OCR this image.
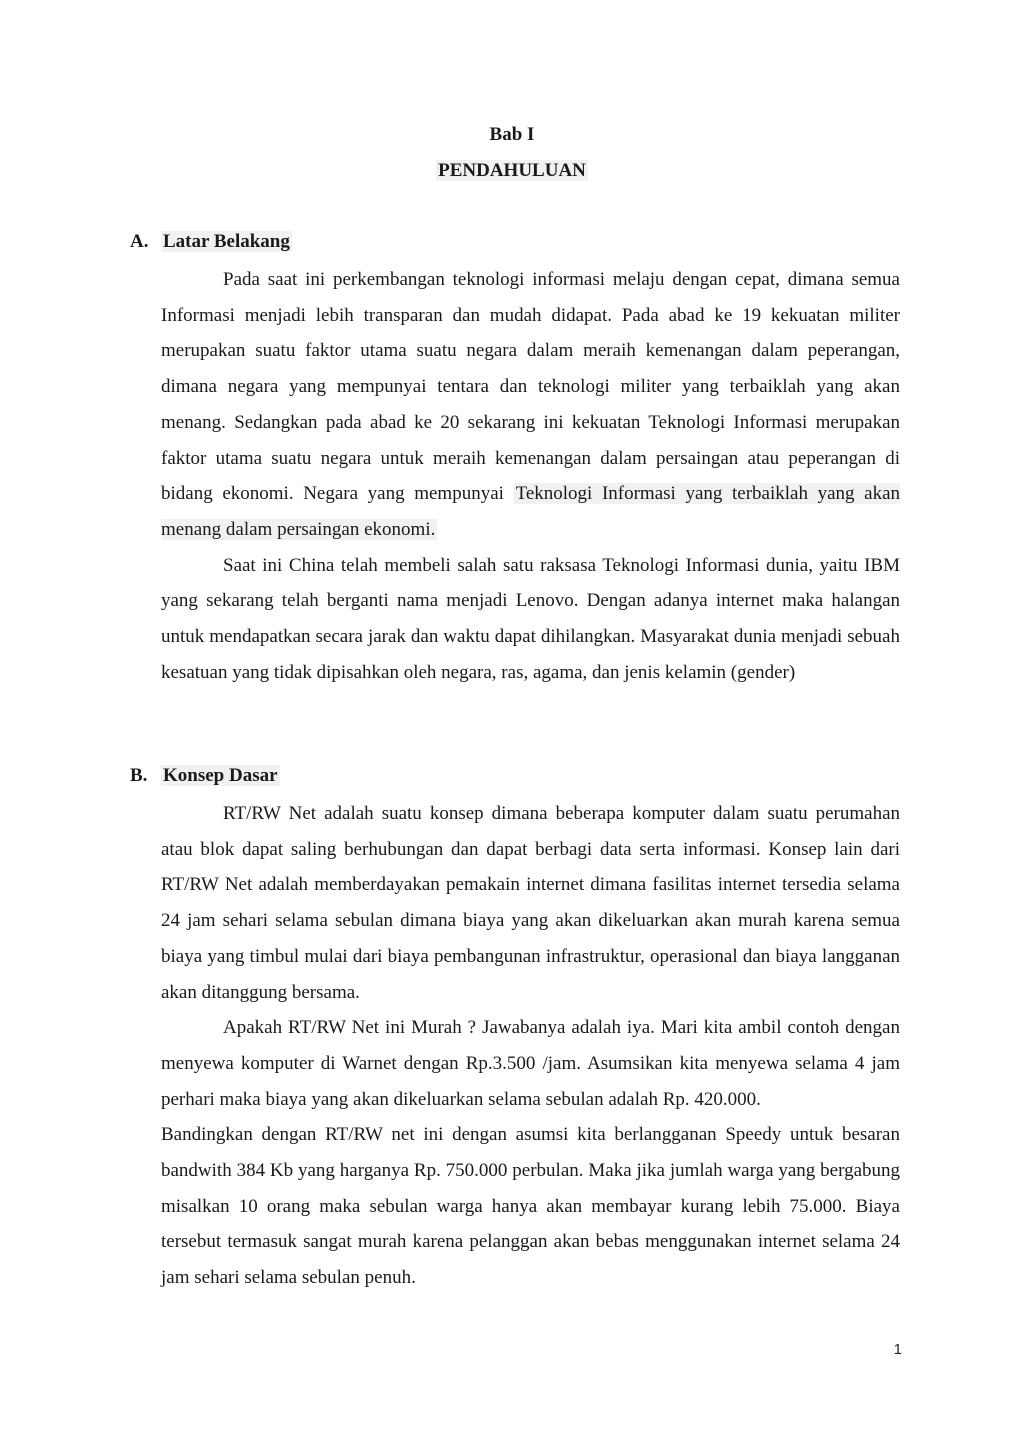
Bab I
PENDAHULUAN
A. Latar Belakang

Pada saat ini perkembangan teknologi informasi melaju dengan cepat, dimana semua Informasi menjadi lebih transparan dan mudah didapat. Pada abad ke 19 kekuatan militer merupakan suatu faktor utama suatu negara dalam meraih kemenangan dalam peperangan, dimana negara yang mempunyai tentara dan teknologi militer yang terbaiklah yang akan menang. Sedangkan pada abad ke 20 sekarang ini kekuatan Teknologi Informasi merupakan faktor utama suatu negara untuk meraih kemenangan dalam persaingan atau peperangan di bidang ekonomi. Negara yang mempunyai Teknologi Informasi yang terbaiklah yang akan menang dalam persaingan ekonomi.

Saat ini China telah membeli salah satu raksasa Teknologi Informasi dunia, yaitu IBM yang sekarang telah berganti nama menjadi Lenovo. Dengan adanya internet maka halangan untuk mendapatkan secara jarak dan waktu dapat dihilangkan. Masyarakat dunia menjadi sebuah kesatuan yang tidak dipisahkan oleh negara, ras, agama, dan jenis kelamin (gender)

B. Konsep Dasar

RT/RW Net adalah suatu konsep dimana beberapa komputer dalam suatu perumahan atau blok dapat saling berhubungan dan dapat berbagi data serta informasi. Konsep lain dari RT/RW Net adalah memberdayakan pemakain internet dimana fasilitas internet tersedia selama 24 jam sehari selama sebulan dimana biaya yang akan dikeluarkan akan murah karena semua biaya yang timbul mulai dari biaya pembangunan infrastruktur, operasional dan biaya langganan akan ditanggung bersama.

Apakah RT/RW Net ini Murah ? Jawabanya adalah iya. Mari kita ambil contoh dengan menyewa komputer di Warnet dengan Rp.3.500 /jam. Asumsikan kita menyewa selama 4 jam perhari maka biaya yang akan dikeluarkan selama sebulan adalah Rp. 420.000.

Bandingkan dengan RT/RW net ini dengan asumsi kita berlangganan Speedy untuk besaran bandwith 384 Kb yang harganya Rp. 750.000 perbulan. Maka jika jumlah warga yang bergabung misalkan 10 orang maka sebulan warga hanya akan membayar kurang lebih 75.000. Biaya tersebut termasuk sangat murah karena pelanggan akan bebas menggunakan internet selama 24 jam sehari selama sebulan penuh.

1
